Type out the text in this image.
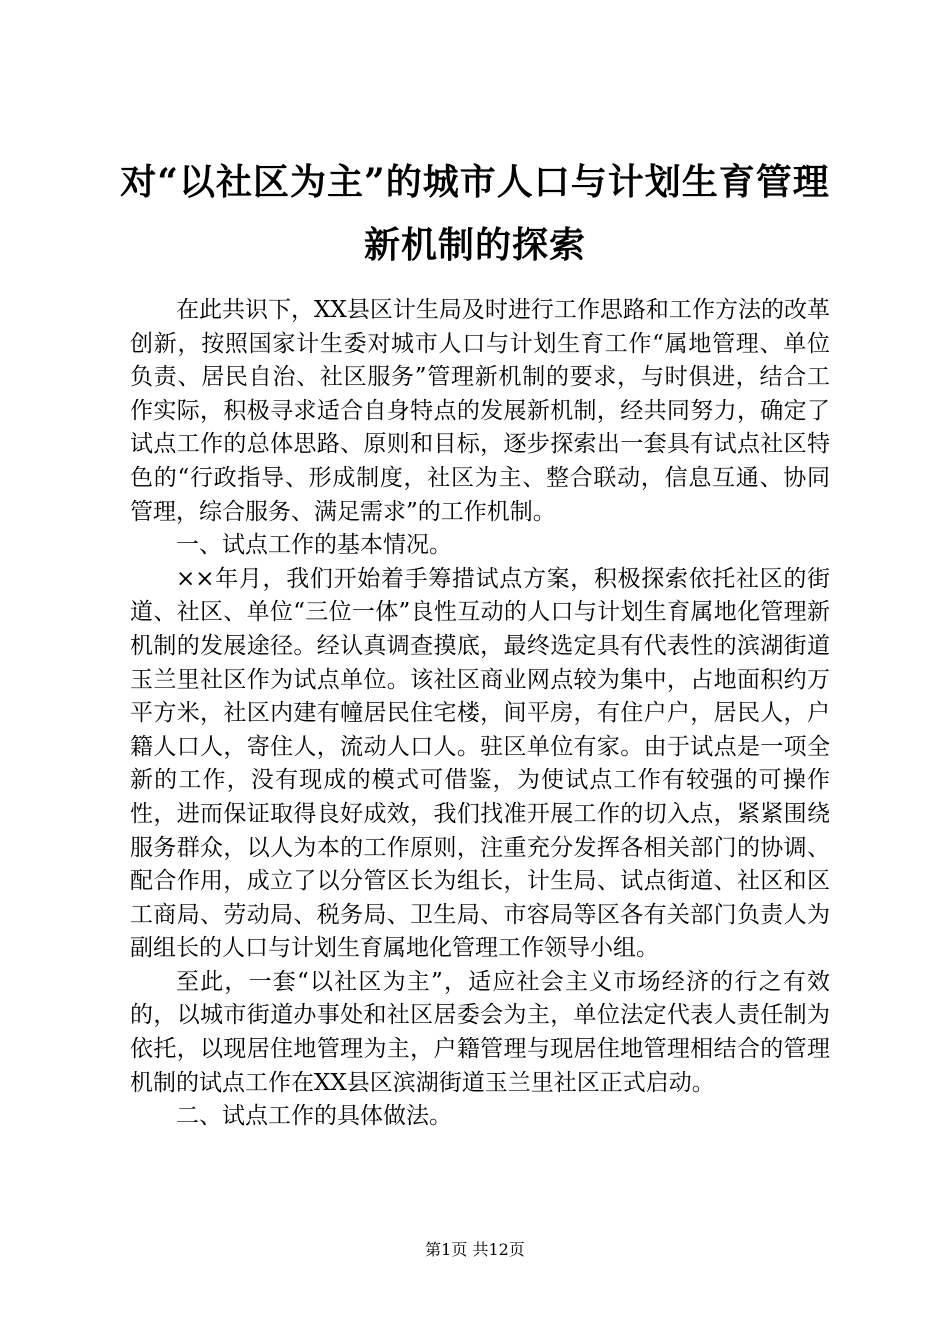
对“以社区为主”的城市人口与计划生育管理
新机制的探索

在此共识下，XX县区计生局及时进行工作思路和工作方法的改革创新，按照国家计生委对城市人口与计划生育工作“属地管理、单位负责、居民自治、社区服务”管理新机制的要求，与时俱进，结合工作实际，积极寻求适合自身特点的发展新机制，经共同努力，确定了试点工作的总体思路、原则和目标，逐步探索出一套具有试点社区特色的“行政指导、形成制度，社区为主、整合联动，信息互通、协同管理，综合服务、满足需求”的工作机制。

一、试点工作的基本情况。

××年月，我们开始着手筹措试点方案，积极探索依托社区的街道、社区、单位“三位一体”良性互动的人口与计划生育属地化管理新机制的发展途径。经认真调查摸底，最终选定具有代表性的滨湖街道玉兰里社区作为试点单位。该社区商业网点较为集中，占地面积约万平方米，社区内建有幢居民住宅楼，间平房，有住户户，居民人，户籍人口人，寄住人，流动人口人。驻区单位有家。由于试点是一项全新的工作，没有现成的模式可借鉴，为使试点工作有较强的可操作性，进而保证取得良好成效，我们找准开展工作的切入点，紧紧围绕服务群众，以人为本的工作原则，注重充分发挥各相关部门的协调、配合作用，成立了以分管区长为组长，计生局、试点街道、社区和区工商局、劳动局、税务局、卫生局、市容局等区各有关部门负责人为副组长的人口与计划生育属地化管理工作领导小组。

至此，一套“以社区为主”，适应社会主义市场经济的行之有效的，以城市街道办事处和社区居委会为主，单位法定代表人责任制为依托，以现居住地管理为主，户籍管理与现居住地管理相结合的管理机制的试点工作在XX县区滨湖街道玉兰里社区正式启动。

二、试点工作的具体做法。

第1页 共12页
